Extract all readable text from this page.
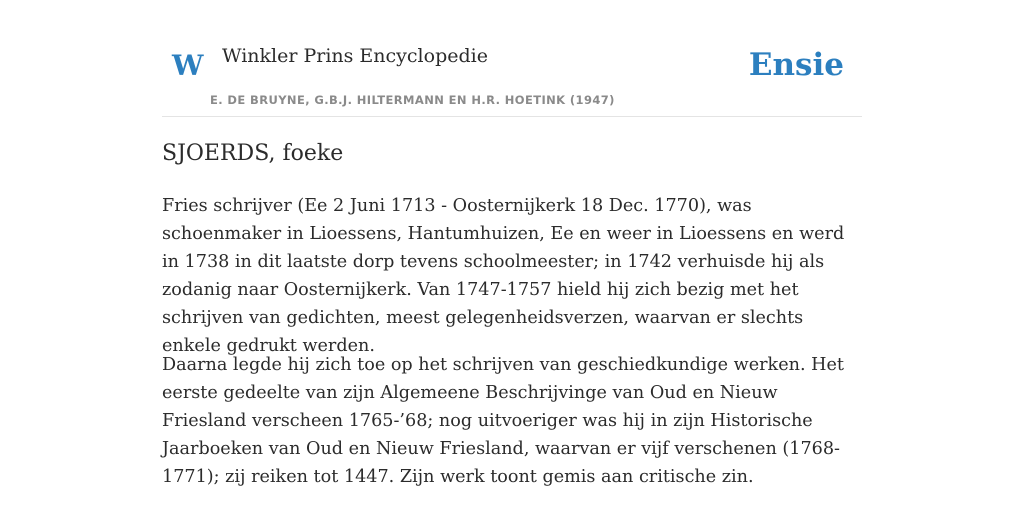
W Winkler Prins Encyclopedie
E. DE BRUYNE, G.B.J. HILTERMANN EN H.R. HOETINK (1947)
Ensie
SJOERDS, foeke

Fries schrijver (Ee 2 Juni 1713 - Oosternijkerk 18 Dec. 1770), was schoenmaker in Lioessens, Hantumhuizen, Ee en weer in Lioessens en werd in 1738 in dit laatste dorp tevens schoolmeester; in 1742 verhuisde hij als zodanig naar Oosternijkerk. Van 1747-1757 hield hij zich bezig met het schrijven van gedichten, meest gelegenheidsverzen, waarvan er slechts enkele gedrukt werden.

Daarna legde hij zich toe op het schrijven van geschiedkundige werken. Het eerste gedeelte van zijn Algemeene Beschrijvinge van Oud en Nieuw Friesland verscheen 1765-’68; nog uitvoeriger was hij in zijn Historische Jaarboeken van Oud en Nieuw Friesland, waarvan er vijf verschenen (1768-1771); zij reiken tot 1447. Zijn werk toont gemis aan critische zin.
